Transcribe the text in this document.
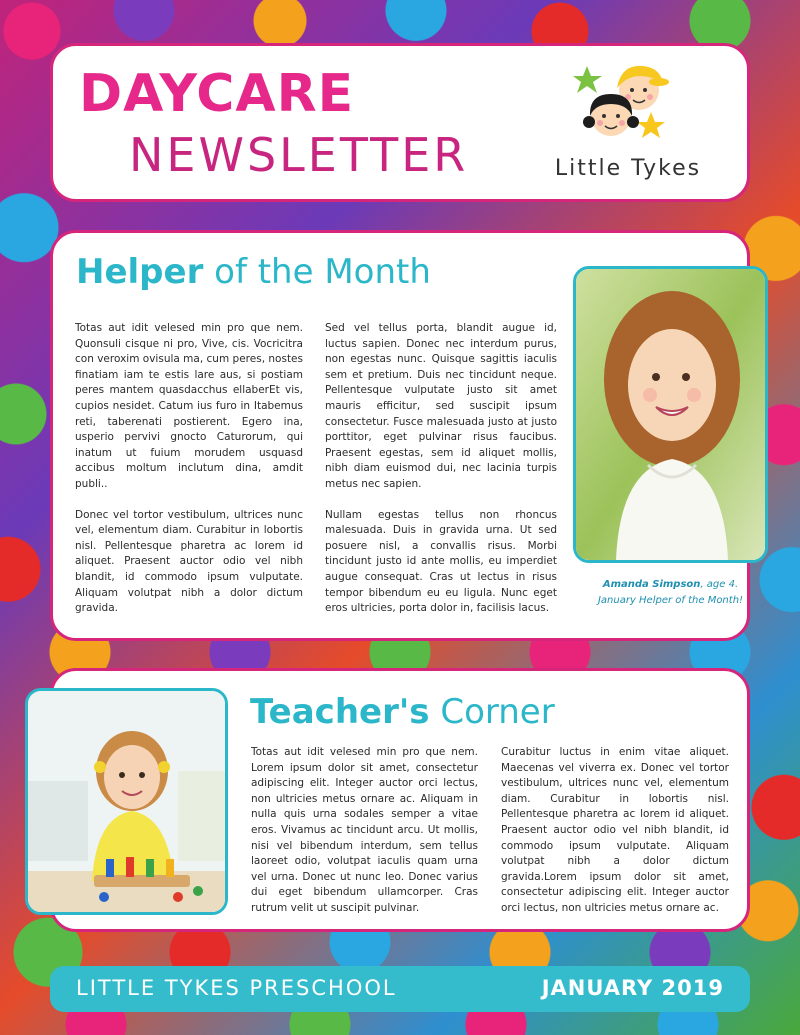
DAYCARE
NEWSLETTER	Little Tykes
Helper of the Month

Totas aut idit velesed min pro que nem. Quonsuli cisque ni pro, Vive, cis. Vocricitra con veroxim ovisula ma, cum peres, nostes finatiam iam te estis lare aus, si postiam peres mantem quasdacchus ellaberEt vis, cupios nesidet. Catum ius furo in Itabemus reti, taberenati postierent. Egero ina, usperio pervivi gnocto Caturorum, qui inatum ut fuium morudem usquasd accibus moltum inclutum dina, amdit publi..

Donec vel tortor vestibulum, ultrices nunc vel, elementum diam. Curabitur in lobortis nisl. Pellentesque pharetra ac lorem id aliquet. Praesent auctor odio vel nibh blandit, id commodo ipsum vulputate. Aliquam volutpat nibh a dolor dictum gravida.

Sed vel tellus porta, blandit augue id, luctus sapien. Donec nec interdum purus, non egestas nunc. Quisque sagittis iaculis sem et pretium. Duis nec tincidunt neque. Pellentesque vulputate justo sit amet mauris efficitur, sed suscipit ipsum consectetur. Fusce malesuada justo at justo porttitor, eget pulvinar risus faucibus. Praesent egestas, sem id aliquet mollis, nibh diam euismod dui, nec lacinia turpis metus nec sapien.

Nullam egestas tellus non rhoncus malesuada. Duis in gravida urna. Ut sed posuere nisl, a convallis risus. Morbi tincidunt justo id ante mollis, eu imperdiet augue consequat. Cras ut lectus in risus tempor bibendum eu eu ligula. Nunc eget eros ultricies, porta dolor in, facilisis lacus.

Amanda Simpson, age 4.
January Helper of the Month!
Teacher's Corner
Totas aut idit velesed min pro que nem. Lorem ipsum dolor sit amet, consectetur adipiscing elit. Integer auctor orci lectus, non ultricies metus ornare ac. Aliquam in nulla quis urna sodales semper a vitae eros. Vivamus ac tincidunt arcu. Ut mollis, nisi vel bibendum interdum, sem tellus laoreet odio, volutpat iaculis quam urna vel urna. Donec ut nunc leo. Donec varius dui eget bibendum ullamcorper. Cras rutrum velit ut suscipit pulvinar.
Curabitur luctus in enim vitae aliquet. Maecenas vel viverra ex. Donec vel tortor vestibulum, ultrices nunc vel, elementum diam. Curabitur in lobortis nisl. Pellentesque pharetra ac lorem id aliquet. Praesent auctor odio vel nibh blandit, id commodo ipsum vulputate. Aliquam volutpat nibh a dolor dictum gravida.Lorem ipsum dolor sit amet, consectetur adipiscing elit. Integer auctor orci lectus, non ultricies metus ornare ac.
LITTLE TYKES PRESCHOOL	JANUARY 2019
